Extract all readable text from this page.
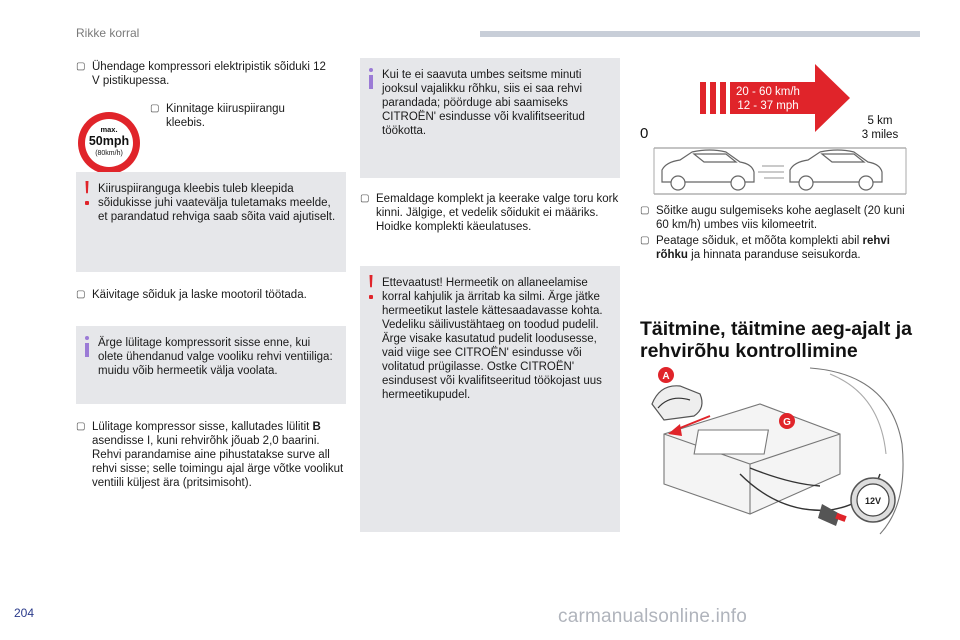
Rikke korral
▢ Ühendage kompressori elektripistik sõiduki 12 V pistikupessa.
max.
50mph
(80km/h)
▢ Kinnitage kiiruspiirangu kleebis.
Kiiruspiiranguga kleebis tuleb kleepida sõidukisse juhi vaatevälja tuletamaks meelde, et parandatud rehviga saab sõita vaid ajutiselt.
▢ Käivitage sõiduk ja laske mootoril töötada.
Ärge lülitage kompressorit sisse enne, kui olete ühendanud valge vooliku rehvi ventiiliga: muidu võib hermeetik välja voolata.
▢ Lülitage kompressor sisse, kallutades lülitit B asendisse I, kuni rehvirõhk jõuab 2,0 baarini. Rehvi parandamise aine pihustatakse surve all rehvi sisse; selle toimingu ajal ärge võtke voolikut ventiili küljest ära (pritsimisoht).
Kui te ei saavuta umbes seitsme minuti jooksul vajalikku rõhku, siis ei saa rehvi parandada; pöörduge abi saamiseks CITROËN' esindusse või kvalifitseeritud töökotta.
▢ Eemaldage komplekt ja keerake valge toru kork kinni. Jälgige, et vedelik sõidukit ei määriks. Hoidke komplekti käeulatuses.
Ettevaatust! Hermeetik on allaneelamise korral kahjulik ja ärritab ka silmi. Ärge jätke hermeetikut lastele kättesaadavasse kohta. Vedeliku säilivustähtaeg on toodud pudelil. Ärge visake kasutatud pudelit loodusesse, vaid viige see CITROËN' esindusse või volitatud prügilasse. Ostke CITROËN' esindusest või kvalifitseeritud töökojast uus hermeetikupudel.
20 - 60 km/h
12 - 37 mph
0
5 km
3 miles
▢ Sõitke augu sulgemiseks kohe aeglaselt (20 kuni 60 km/h) umbes viis kilomeetrit.
▢ Peatage sõiduk, et mõõta komplekti abil rehvi rõhku ja hinnata paranduse seisukorda.
Täitmine, täitmine aeg-ajalt ja rehvirõhu kontrollimine
A
G
12V
204	carmanualsonline.info
